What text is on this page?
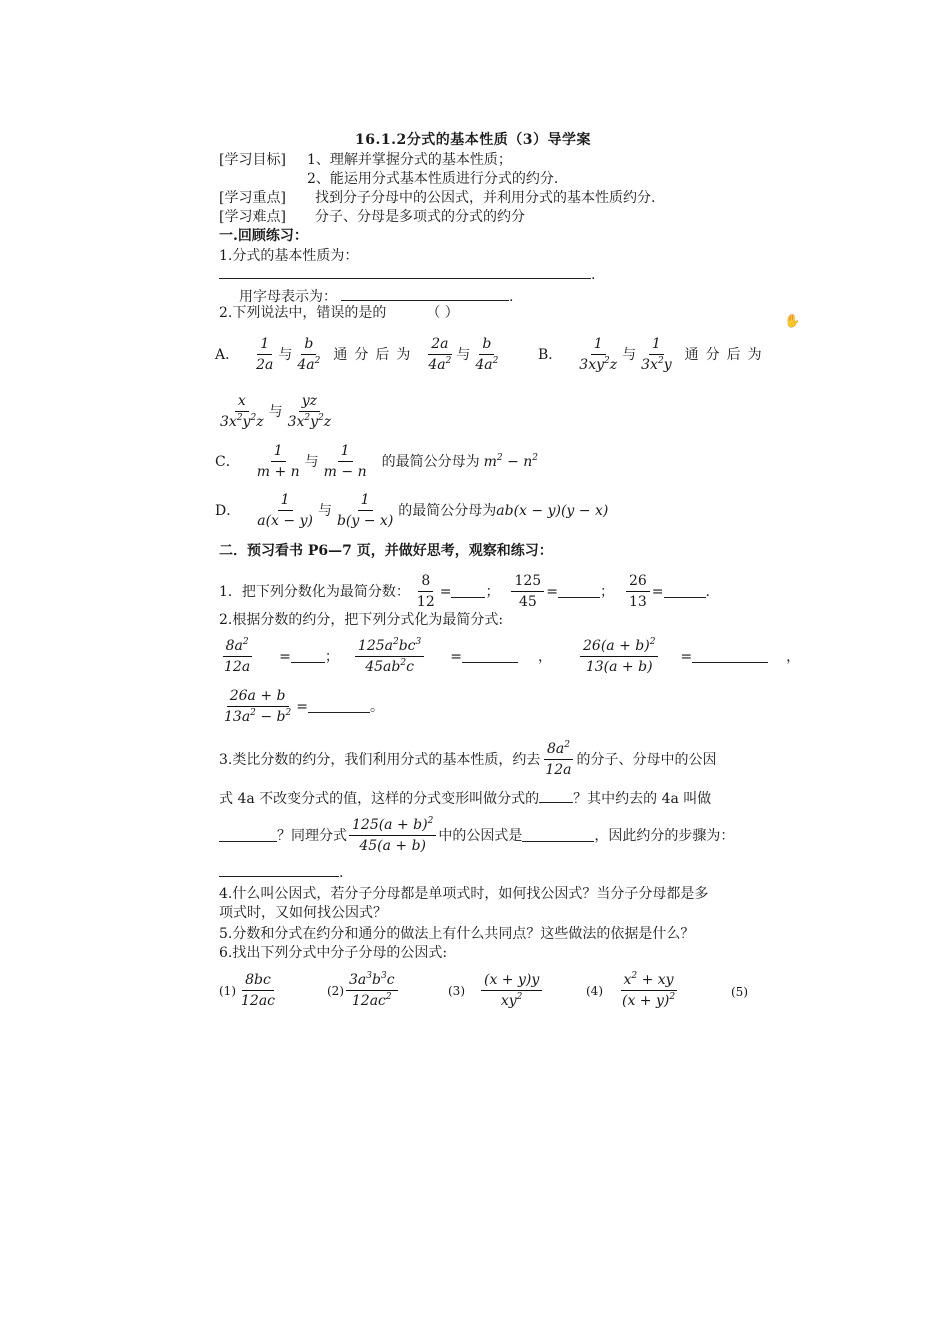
16.1.2分式的基本性质（3）导学案
[学习目标] 1、理解并掌握分式的基本性质；
2、能运用分式基本性质进行分式的约分.
[学习重点] 找到分子分母中的公因式，并利用分式的基本性质约分.
[学习难点] 分子、分母是多项式的分式的约分
一.回顾练习：
1.分式的基本性质为：
.
用字母表示为：	.
2.下列说法中，错误的是的	（ ）
✋
A． $\frac{1}{2a}$ 与 $\frac{b}{4a^2}$ 通分后为 $\frac{2a}{4a^2}$ 与 $\frac{b}{4a^2}$	B． $\frac{1}{3xy^2z}$ 与 $\frac{1}{3x^2y}$ 通分后为
$\frac{x}{3x^2y^2z}$ 与 $\frac{yz}{3x^2y^2z}$
C． $\frac{1}{m + n}$ 与 $\frac{1}{m - n}$ 的最简公分母为 $m^2 - n^2$
D． $\frac{1}{a(x - y)}$ 与 $\frac{1}{b(y - x)}$ 的最简公分母为 ab(x − y)(y − x)
二．预习看书 P6—7 页，并做好思考，观察和练习：
1．把下列分数化为最简分数： $\frac{8}{12}$ = ； $\frac{125}{45}$ =	； $\frac{26}{13}$ =	.
2.根据分数的约分，把下列分式化为最简分式:
$\frac{8a^2}{12a}$ = ； $\frac{125a^2bc^3}{45ab^2c}$ =	， $\frac{26(a + b)^2}{13(a + b)}$ =	，
$\frac{26a + b}{13a^2 - b^2}$ =	。
3.类比分数的约分，我们利用分式的基本性质，约去 $\frac{8a^2}{12a}$ 的分子、分母中的公因
式 4a 不改变分式的值，这样的分式变形叫做分式的 ？其中约去的 4a 叫做
？同理分式 $\frac{125(a + b)^2}{45(a + b)}$ 中的公因式是	，因此约分的步骤为：
.
4.什么叫公因式，若分子分母都是单项式时，如何找公因式？当分子分母都是多
项式时，又如何找公因式？
5.分数和分式在约分和通分的做法上有什么共同点？这些做法的依据是什么？
6.找出下列分式中分子分母的公因式:
$(1) \frac{8bc}{12ac}$	$(2) \frac{3a^3b^3c}{12ac^2}$	$(3) \frac{(x + y)y}{xy^2}$	$(4) \frac{x^2 + xy}{(x + y)^2}$	(5)
